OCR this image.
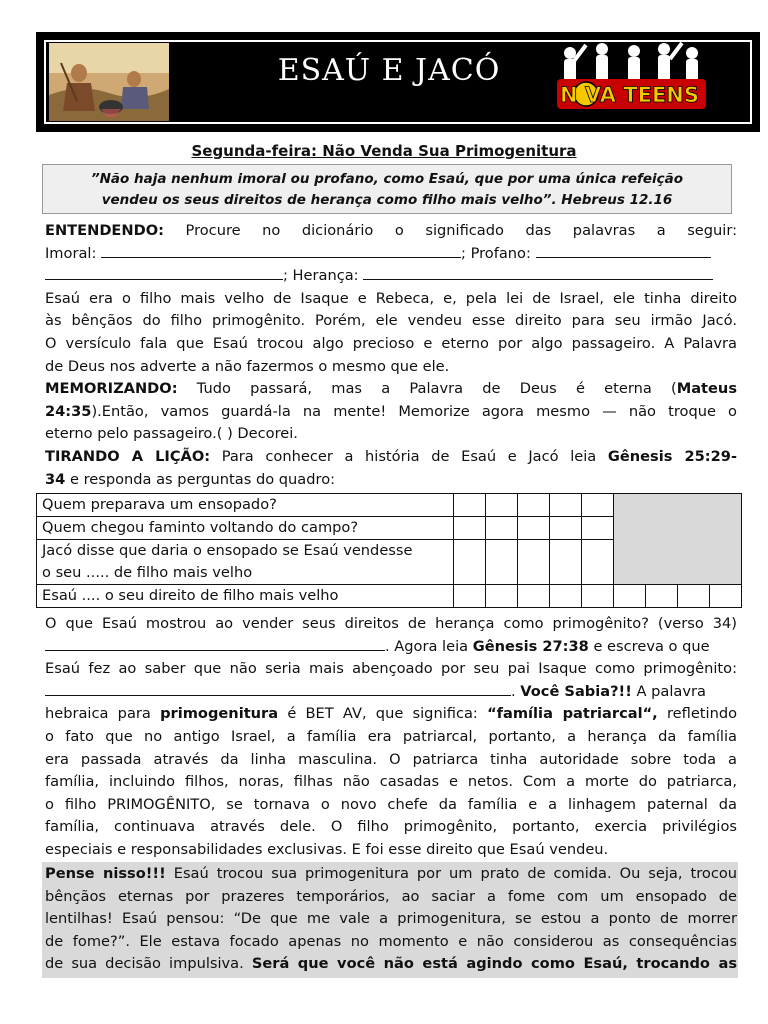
ESAÚ E JACÓ
N VA TEENS
Segunda-feira: Não Venda Sua Primogenitura
”Não haja nenhum imoral ou profano, como Esaú, que por uma única refeição
vendeu os seus direitos de herança como filho mais velho”. Hebreus 12.16
ENTENDENDO: Procure no dicionário o significado das palavras a seguir:
Imoral:	; Profano:
; Herança:
Esaú era o filho mais velho de Isaque e Rebeca, e, pela lei de Israel, ele tinha direito
às bênçãos do filho primogênito. Porém, ele vendeu esse direito para seu irmão Jacó.
O versículo fala que Esaú trocou algo precioso e eterno por algo passageiro. A Palavra
de Deus nos adverte a não fazermos o mesmo que ele.
MEMORIZANDO: Tudo passará, mas a Palavra de Deus é eterna (Mateus
24:35).Então, vamos guardá-la na mente! Memorize agora mesmo — não troque o
eterno pelo passageiro.( ) Decorei.
TIRANDO A LIÇÃO: Para conhecer a história de Esaú e Jacó leia Gênesis 25:29-
34 e responda as perguntas do quadro:
Quem preparava um ensopado?									
Quem chegou faminto voltando do campo?									
Jacó disse que daria o ensopado se Esaú vendesse
o seu ..... de filho mais velho									
Esaú .... o seu direito de filho mais velho									
O que Esaú mostrou ao vender seus direitos de herança como primogênito? (verso 34)
. Agora leia Gênesis 27:38 e escreva o que
Esaú fez ao saber que não seria mais abençoado por seu pai Isaque como primogênito:
. Você Sabia?!! A palavra
hebraica para primogenitura é BET AV, que significa: “família patriarcal“, refletindo
o fato que no antigo Israel, a família era patriarcal, portanto, a herança da família
era passada através da linha masculina. O patriarca tinha autoridade sobre toda a
família, incluindo filhos, noras, filhas não casadas e netos. Com a morte do patriarca,
o filho PRIMOGÊNITO, se tornava o novo chefe da família e a linhagem paternal da
família, continuava através dele. O filho primogênito, portanto, exercia privilégios
especiais e responsabilidades exclusivas. E foi esse direito que Esaú vendeu.
Pense nisso!!! Esaú trocou sua primogenitura por um prato de comida. Ou seja, trocou
bênçãos eternas por prazeres temporários, ao saciar a fome com um ensopado de
lentilhas! Esaú pensou: “De que me vale a primogenitura, se estou a ponto de morrer
de fome?”. Ele estava focado apenas no momento e não considerou as consequências
de sua decisão impulsiva. Será que você não está agindo como Esaú, trocando as
